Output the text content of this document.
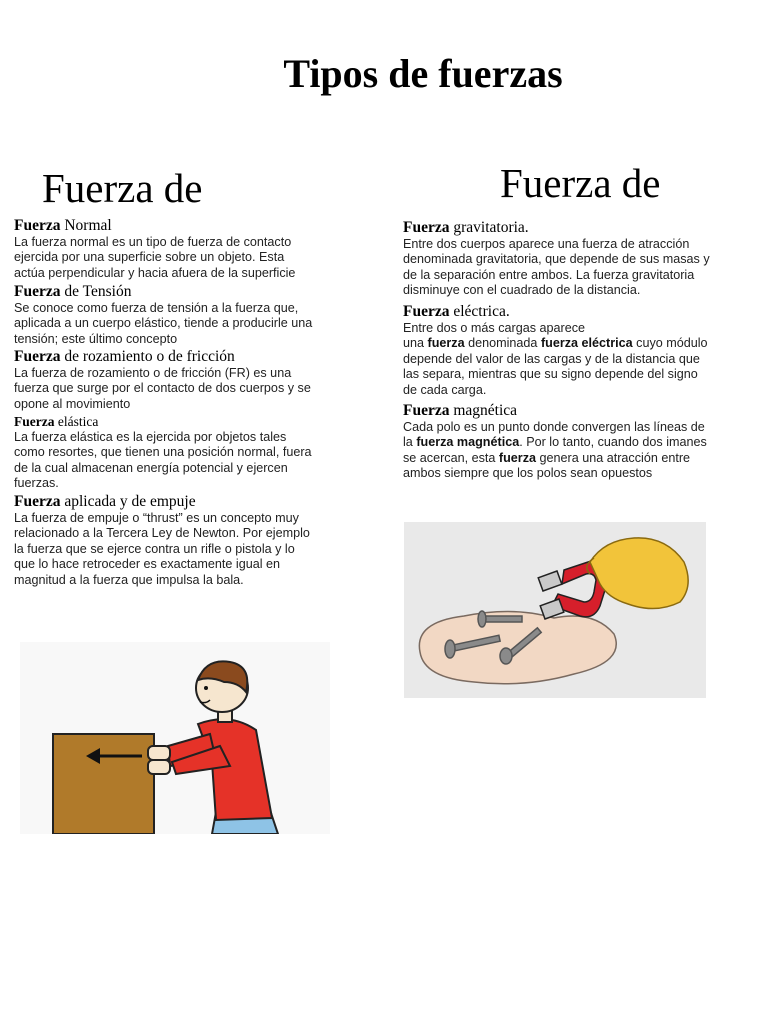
Tipos de fuerzas
Fuerza de	Fuerza de
Fuerza Normal
La fuerza normal es un tipo de fuerza de contacto
ejercida por una superficie sobre un objeto. Esta
actúa perpendicular y hacia afuera de la superficie
Fuerza de Tensión
Se conoce como fuerza de tensión a la fuerza que,
aplicada a un cuerpo elástico, tiende a producirle una
tensión; este último concepto
Fuerza de rozamiento o de fricción
La fuerza de rozamiento o de fricción (FR) es una
fuerza que surge por el contacto de dos cuerpos y se
opone al movimiento
Fuerza elástica
La fuerza elástica es la ejercida por objetos tales
como resortes, que tienen una posición normal, fuera
de la cual almacenan energía potencial y ejercen
fuerzas.
Fuerza aplicada y de empuje
La fuerza de empuje o “thrust” es un concepto muy
relacionado a la Tercera Ley de Newton. Por ejemplo
la fuerza que se ejerce contra un rifle o pistola y lo
que lo hace retroceder es exactamente igual en
magnitud a la fuerza que impulsa la bala.
Fuerza gravitatoria.
Entre dos cuerpos aparece una fuerza de atracción
denominada gravitatoria, que depende de sus masas y
de la separación entre ambos. La fuerza gravitatoria
disminuye con el cuadrado de la distancia.
Fuerza eléctrica.
Entre dos o más cargas aparece
una fuerza denominada fuerza eléctrica cuyo módulo
depende del valor de las cargas y de la distancia que
las separa, mientras que su signo depende del signo
de cada carga.
Fuerza magnética
Cada polo es un punto donde convergen las líneas de
la fuerza magnética. Por lo tanto, cuando dos imanes
se acercan, esta fuerza genera una atracción entre
ambos siempre que los polos sean opuestos
